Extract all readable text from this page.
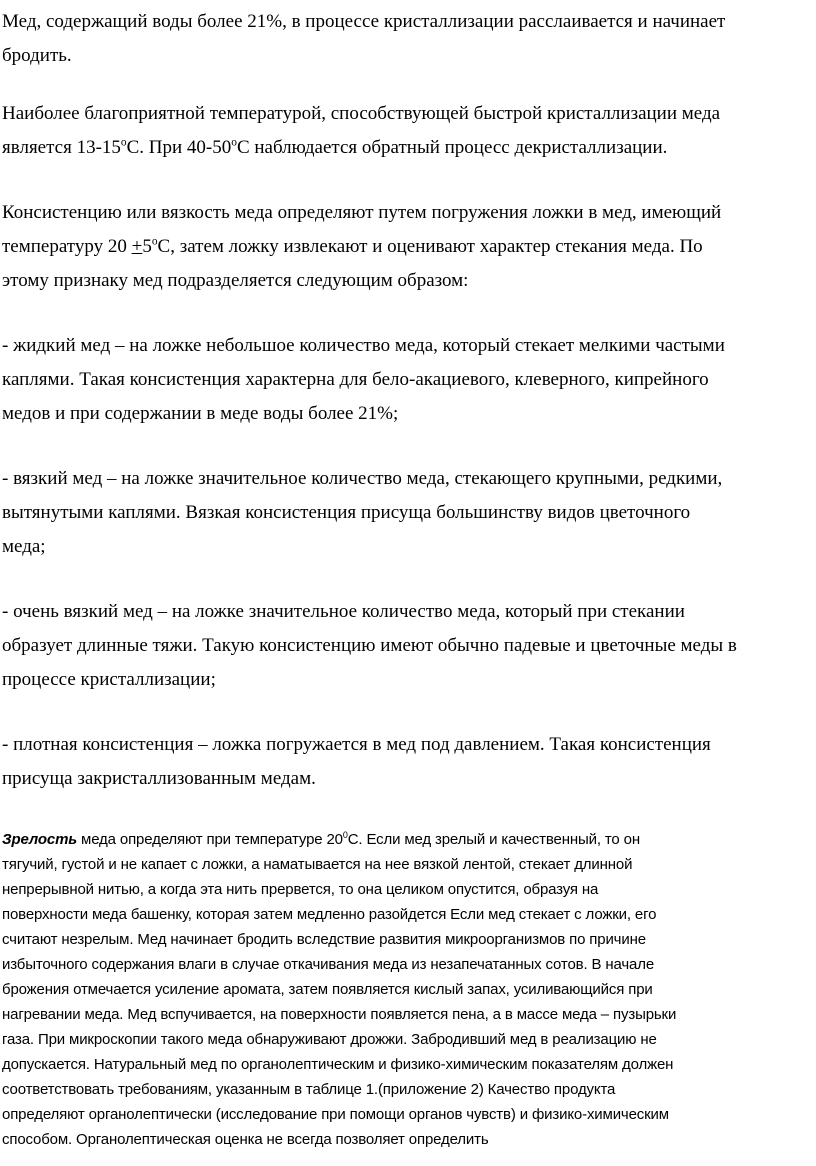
Мед, содержащий воды более 21%, в процессе кристаллизации расслаивается и начинает
бродить.

Наиболее благоприятной температурой, способствующей быстрой кристаллизации меда
является 13-15$^o$С. При 40-50$^o$С наблюдается обратный процесс декристаллизации.

Консистенцию или вязкость меда определяют путем погружения ложки в мед, имеющий
температуру $20 +5^oС$, затем ложку извлекают и оценивают характер стекания меда. По
этому признаку мед подразделяется следующим образом:

- жидкий мед – на ложке небольшое количество меда, который стекает мелкими частыми
каплями. Такая консистенция характерна для бело-акациевого, клеверного, кипрейного
медов и при содержании в меде воды более 21%;

- вязкий мед – на ложке значительное количество меда, стекающего крупными, редкими,
вытянутыми каплями. Вязкая консистенция присуща большинству видов цветочного
меда;

- очень вязкий мед – на ложке значительное количество меда, который при стекании
образует длинные тяжи. Такую консистенцию имеют обычно падевые и цветочные меды в
процессе кристаллизации;

- плотная консистенция – ложка погружается в мед под давлением. Такая консистенция
присуща закристаллизованным медам.

Зрелость меда определяют при температуре $20^0С$. Если мед зрелый и качественный, то он
тягучий, густой и не капает с ложки, а наматывается на нее вязкой лентой, стекает длинной
непрерывной нитью, а когда эта нить прервется, то она целиком опустится, образуя на
поверхности меда башенку, которая затем медленно разойдется Если мед стекает с ложки, его
считают незрелым. Мед начинает бродить вследствие развития микроорганизмов по причине
избыточного содержания влаги в случае откачивания меда из незапечатанных сотов. В начале
брожения отмечается усиление аромата, затем появляется кислый запах, усиливающийся при
нагревании меда. Мед вспучивается, на поверхности появляется пена, а в массе меда – пузырьки
газа. При микроскопии такого меда обнаруживают дрожжи. Забродивший мед в реализацию не
допускается. Натуральный мед по органолептическим и физико-химическим показателям должен
соответствовать требованиям, указанным в таблице 1.(приложение 2) Качество продукта
определяют органолептически (исследование при помощи органов чувств) и физико-химическим
способом. Органолептическая оценка не всегда позволяет определить
